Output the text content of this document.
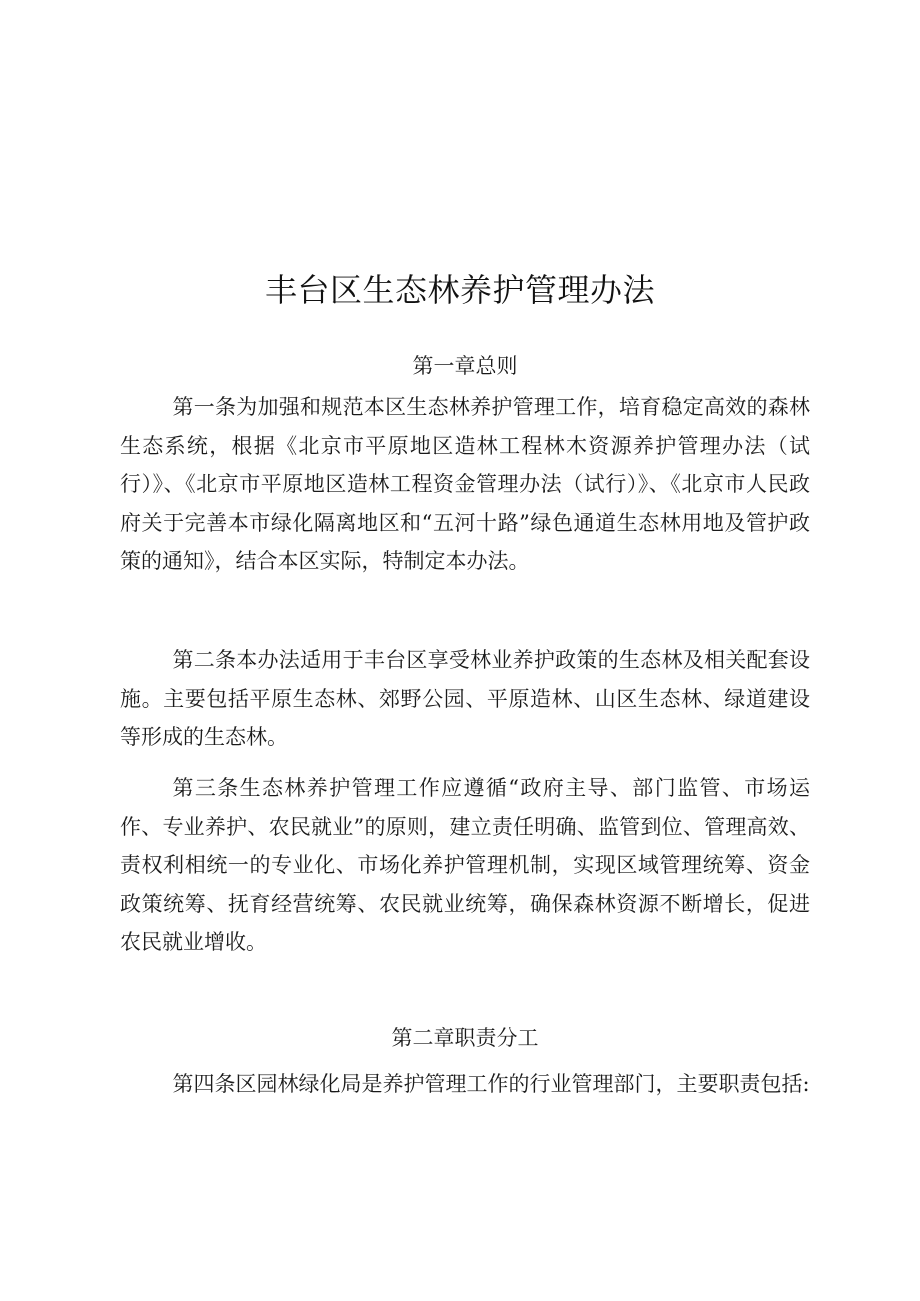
丰台区生态林养护管理办法
第一章总则

第一条为加强和规范本区生态林养护管理工作，培育稳定高效的森林生态系统，根据《北京市平原地区造林工程林木资源养护管理办法（试行）》、《北京市平原地区造林工程资金管理办法（试行）》、《北京市人民政府关于完善本市绿化隔离地区和“五河十路”绿色通道生态林用地及管护政策的通知》，结合本区实际，特制定本办法。

第二条本办法适用于丰台区享受林业养护政策的生态林及相关配套设施。主要包括平原生态林、郊野公园、平原造林、山区生态林、绿道建设等形成的生态林。

第三条生态林养护管理工作应遵循“政府主导、部门监管、市场运作、专业养护、农民就业”的原则，建立责任明确、监管到位、管理高效、责权利相统一的专业化、市场化养护管理机制，实现区域管理统筹、资金政策统筹、抚育经营统筹、农民就业统筹，确保森林资源不断增长，促进农民就业增收。

第二章职责分工

第四条区园林绿化局是养护管理工作的行业管理部门，主要职责包括:
